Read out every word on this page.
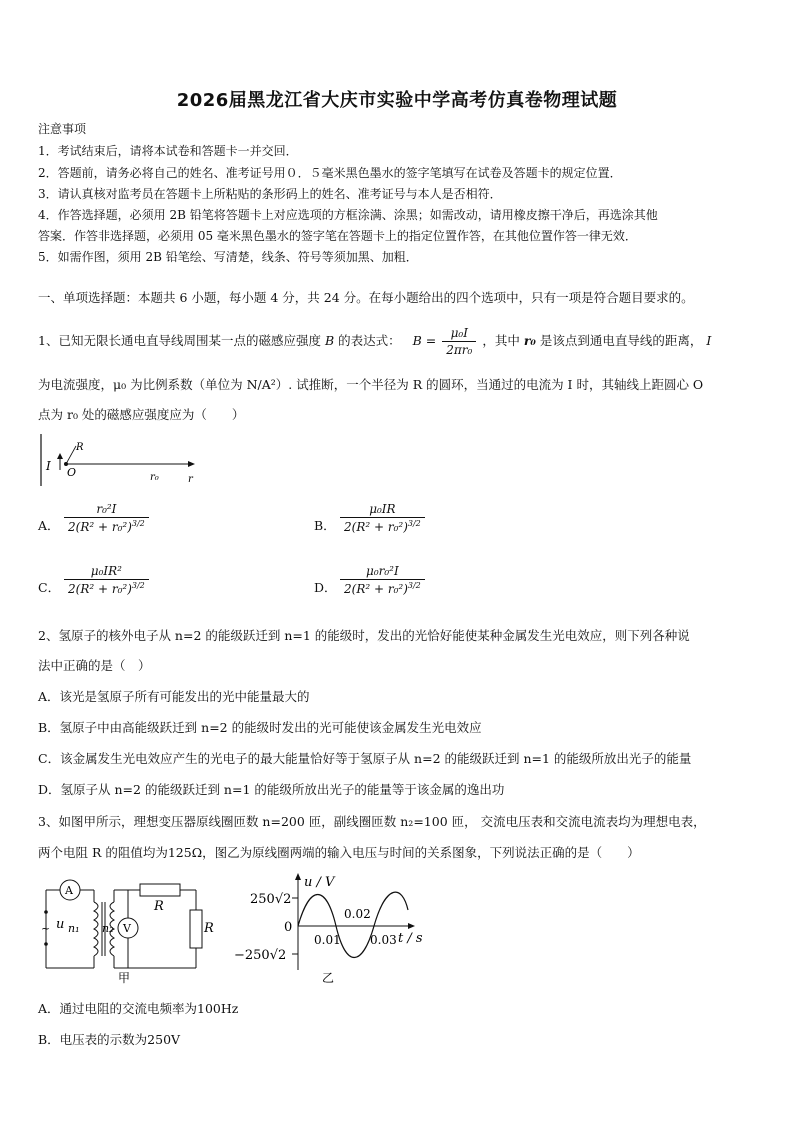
2026届黑龙江省大庆市实验中学高考仿真卷物理试题
注意事项
1．考试结束后，请将本试卷和答题卡一并交回．
2．答题前，请务必将自己的姓名、准考证号用０．５毫米黑色墨水的签字笔填写在试卷及答题卡的规定位置．
3．请认真核对监考员在答题卡上所粘贴的条形码上的姓名、准考证号与本人是否相符．
4．作答选择题，必须用 2B 铅笔将答题卡上对应选项的方框涂满、涂黑；如需改动，请用橡皮擦干净后，再选涂其他
答案．作答非选择题，必须用 05 毫米黑色墨水的签字笔在答题卡上的指定位置作答，在其他位置作答一律无效．
5．如需作图，须用 2B 铅笔绘、写清楚，线条、符号等须加黑、加粗．
一、单项选择题：本题共 6 小题，每小题 4 分，共 24 分。在每小题给出的四个选项中，只有一项是符合题目要求的。
1、已知无限长通电直导线周围某一点的磁感应强度 B 的表达式： $B = \frac{\text{μ₀I}}{\text{2πr₀}}$ ，其中 r₀ 是该点到通电直导线的距离， I
为电流强度，μ₀ 为比例系数（单位为 N/A²）. 试推断，一个半径为 R 的圆环，当通过的电流为 I 时，其轴线上距圆心 O
点为 r₀ 处的磁感应强度应为（　　）
I O
R
r₀	r
A． $\frac{\text{r₀²I}}{2(R^2 + r_0^2)^{3/2}}$	B． $\frac{\text{μ₀IR}}{2(R^2 + r_0^2)^{3/2}}$
C． $\frac{\text{μ₀IR²}}{2(R^2 + r_0^2)^{3/2}}$	D． $\frac{\text{μ₀r₀²I}}{2(R^2 + r_0^2)^{3/2}}$
2、氢原子的核外电子从 n=2 的能级跃迁到 n=1 的能级时，发出的光恰好能使某种金属发生光电效应，则下列各种说
法中正确的是（　）
A．该光是氢原子所有可能发出的光中能量最大的
B．氢原子中由高能级跃迁到 n=2 的能级时发出的光可能使该金属发生光电效应
C．该金属发生光电效应产生的光电子的最大能量恰好等于氢原子从 n=2 的能级跃迁到 n=1 的能级所放出光子的能量
D．氢原子从 n=2 的能级跃迁到 n=1 的能级所放出光子的能量等于该金属的逸出功
3、如图甲所示，理想变压器原线圈匝数 n=200 匝，副线圈匝数 n₂=100 匝， 交流电压表和交流电流表均为理想电表，
两个电阻 R 的阻值均为125Ω，图乙为原线圈两端的输入电压与时间的关系图象，下列说法正确的是（　　）
A
V
~ u n₁ n₂
R
R
甲
u / V
250√2
0
−250√2
0.01
0.02
0.03 t / s
乙
A．通过电阻的交流电频率为100Hz
B．电压表的示数为250V
